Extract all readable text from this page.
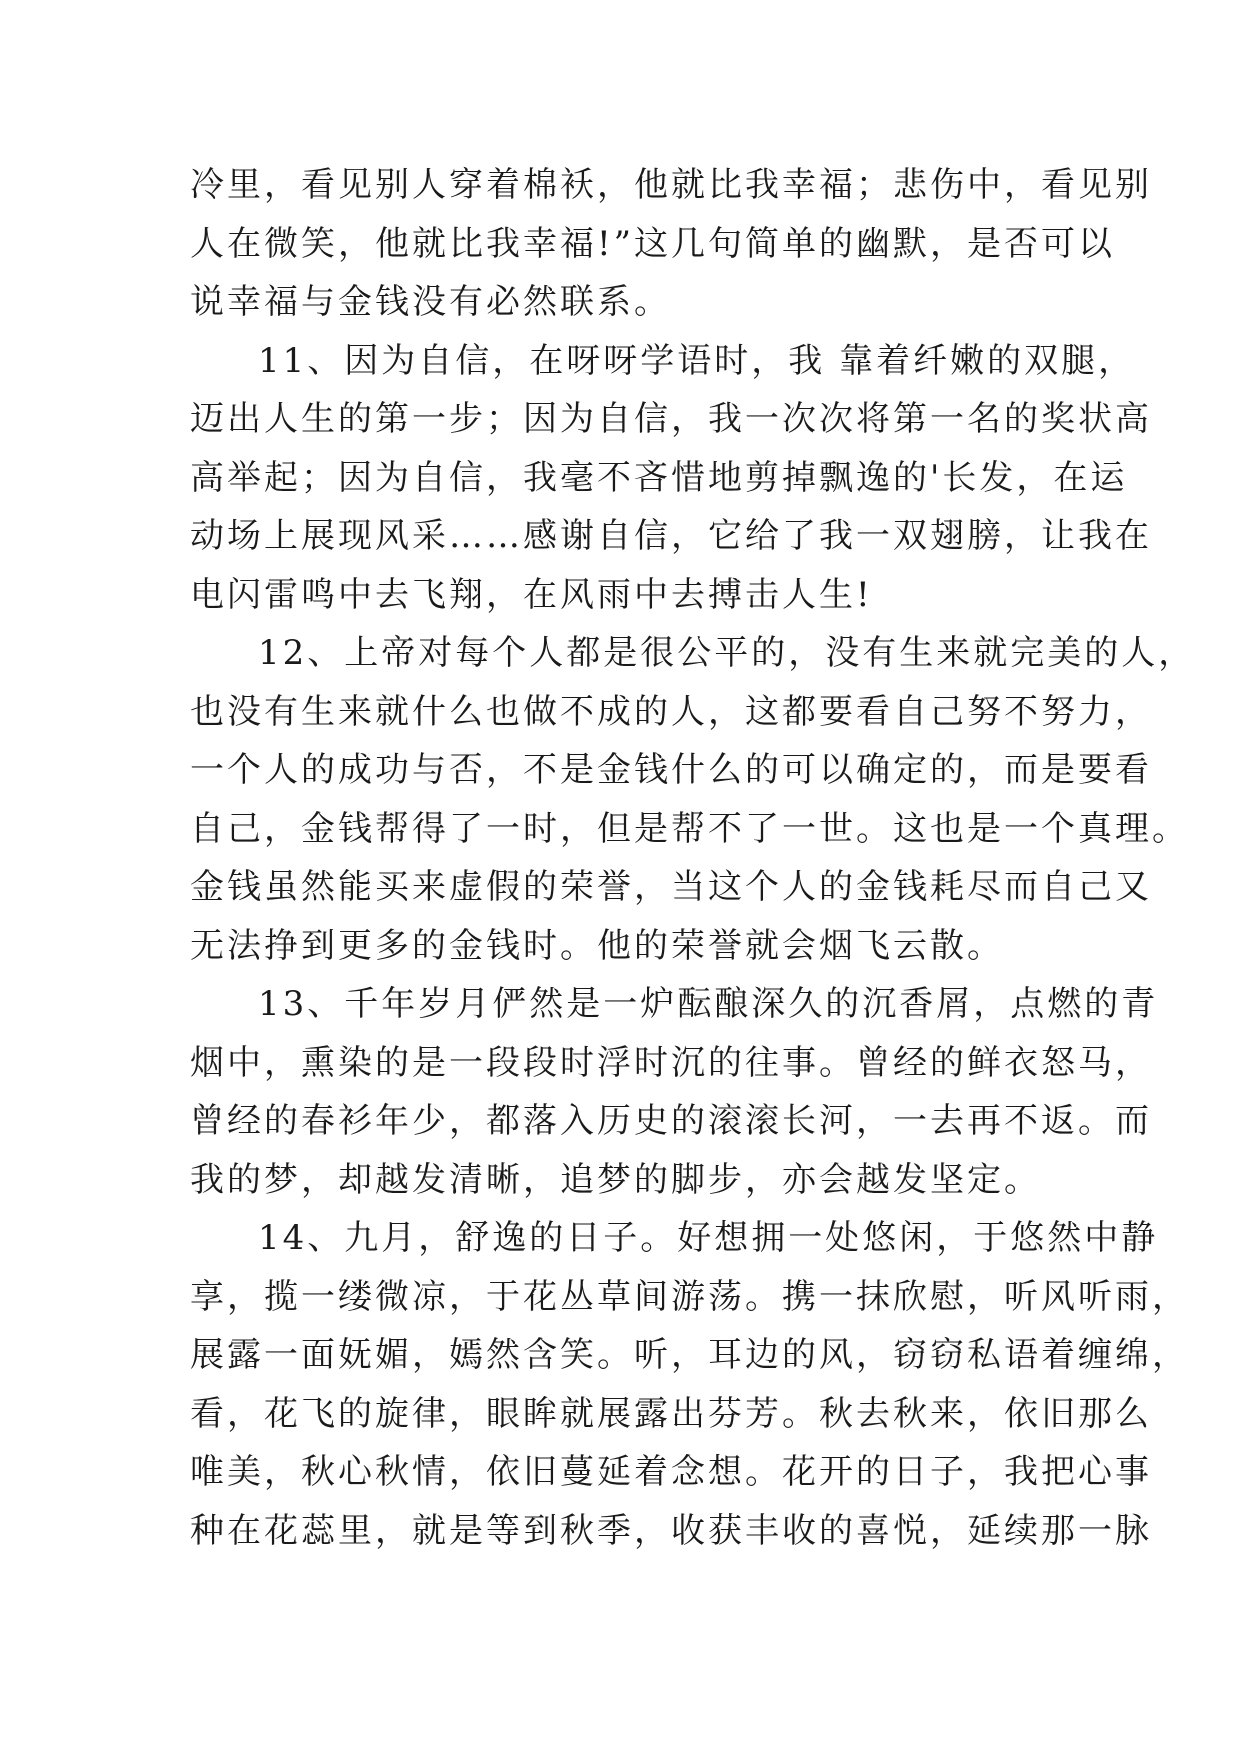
冷里，看见别人穿着棉袄，他就比我幸福；悲伤中，看见别
人在微笑，他就比我幸福!”这几句简单的幽默，是否可以
说幸福与金钱没有必然联系。
11、因为自信，在呀呀学语时，我 靠着纤嫩的双腿，
迈出人生的第一步；因为自信，我一次次将第一名的奖状高
高举起；因为自信，我毫不吝惜地剪掉飘逸的'长发，在运
动场上展现风采……感谢自信，它给了我一双翅膀，让我在
电闪雷鸣中去飞翔，在风雨中去搏击人生!
12、上帝对每个人都是很公平的，没有生来就完美的人，
也没有生来就什么也做不成的人，这都要看自己努不努力，
一个人的成功与否，不是金钱什么的可以确定的，而是要看
自己，金钱帮得了一时，但是帮不了一世。这也是一个真理。
金钱虽然能买来虚假的荣誉，当这个人的金钱耗尽而自己又
无法挣到更多的金钱时。他的荣誉就会烟飞云散。
13、千年岁月俨然是一炉酝酿深久的沉香屑，点燃的青
烟中，熏染的是一段段时浮时沉的往事。曾经的鲜衣怒马，
曾经的春衫年少，都落入历史的滚滚长河，一去再不返。而
我的梦，却越发清晰，追梦的脚步，亦会越发坚定。
14、九月，舒逸的日子。好想拥一处悠闲，于悠然中静
享，揽一缕微凉，于花丛草间游荡。携一抹欣慰，听风听雨，
展露一面妩媚，嫣然含笑。听，耳边的风，窃窃私语着缠绵，
看，花飞的旋律，眼眸就展露出芬芳。秋去秋来，依旧那么
唯美，秋心秋情，依旧蔓延着念想。花开的日子，我把心事
种在花蕊里，就是等到秋季，收获丰收的喜悦，延续那一脉
